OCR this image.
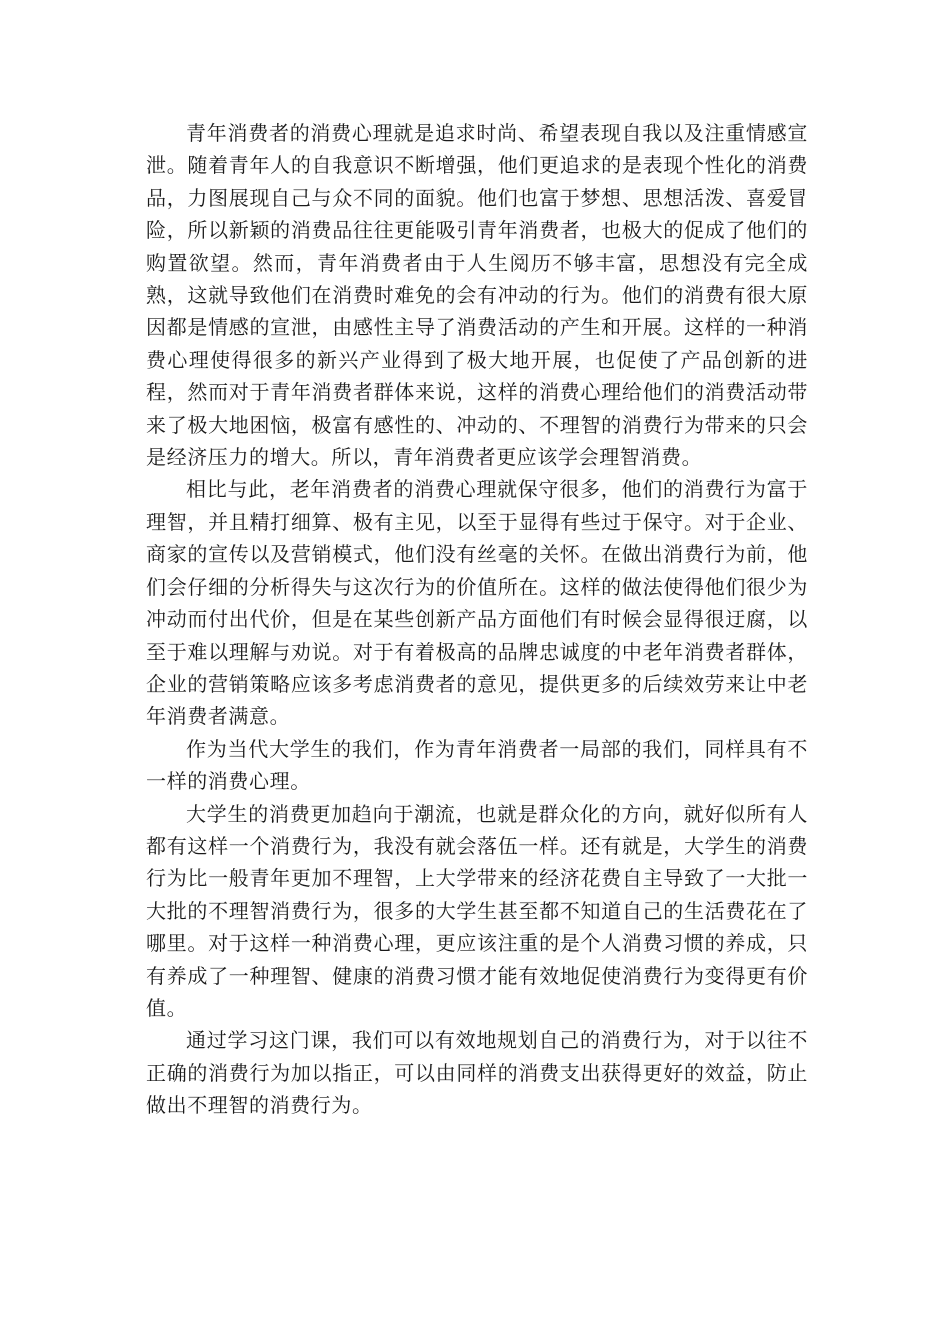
青年消费者的消费心理就是追求时尚、希望表现自我以及注重情感宣泄。随着青年人的自我意识不断增强，他们更追求的是表现个性化的消费品，力图展现自己与众不同的面貌。他们也富于梦想、思想活泼、喜爱冒险，所以新颖的消费品往往更能吸引青年消费者，也极大的促成了他们的购置欲望。然而，青年消费者由于人生阅历不够丰富，思想没有完全成熟，这就导致他们在消费时难免的会有冲动的行为。他们的消费有很大原因都是情感的宣泄，由感性主导了消费活动的产生和开展。这样的一种消费心理使得很多的新兴产业得到了极大地开展，也促使了产品创新的进程，然而对于青年消费者群体来说，这样的消费心理给他们的消费活动带来了极大地困恼，极富有感性的、冲动的、不理智的消费行为带来的只会是经济压力的增大。所以，青年消费者更应该学会理智消费。

相比与此，老年消费者的消费心理就保守很多，他们的消费行为富于理智，并且精打细算、极有主见，以至于显得有些过于保守。对于企业、商家的宣传以及营销模式，他们没有丝毫的关怀。在做出消费行为前，他们会仔细的分析得失与这次行为的价值所在。这样的做法使得他们很少为冲动而付出代价，但是在某些创新产品方面他们有时候会显得很迂腐，以至于难以理解与劝说。对于有着极高的品牌忠诚度的中老年消费者群体，企业的营销策略应该多考虑消费者的意见，提供更多的后续效劳来让中老年消费者满意。

作为当代大学生的我们，作为青年消费者一局部的我们，同样具有不一样的消费心理。

大学生的消费更加趋向于潮流，也就是群众化的方向，就好似所有人都有这样一个消费行为，我没有就会落伍一样。还有就是，大学生的消费行为比一般青年更加不理智，上大学带来的经济花费自主导致了一大批一大批的不理智消费行为，很多的大学生甚至都不知道自己的生活费花在了哪里。对于这样一种消费心理，更应该注重的是个人消费习惯的养成，只有养成了一种理智、健康的消费习惯才能有效地促使消费行为变得更有价值。

通过学习这门课，我们可以有效地规划自己的消费行为，对于以往不正确的消费行为加以指正，可以由同样的消费支出获得更好的效益，防止做出不理智的消费行为。
